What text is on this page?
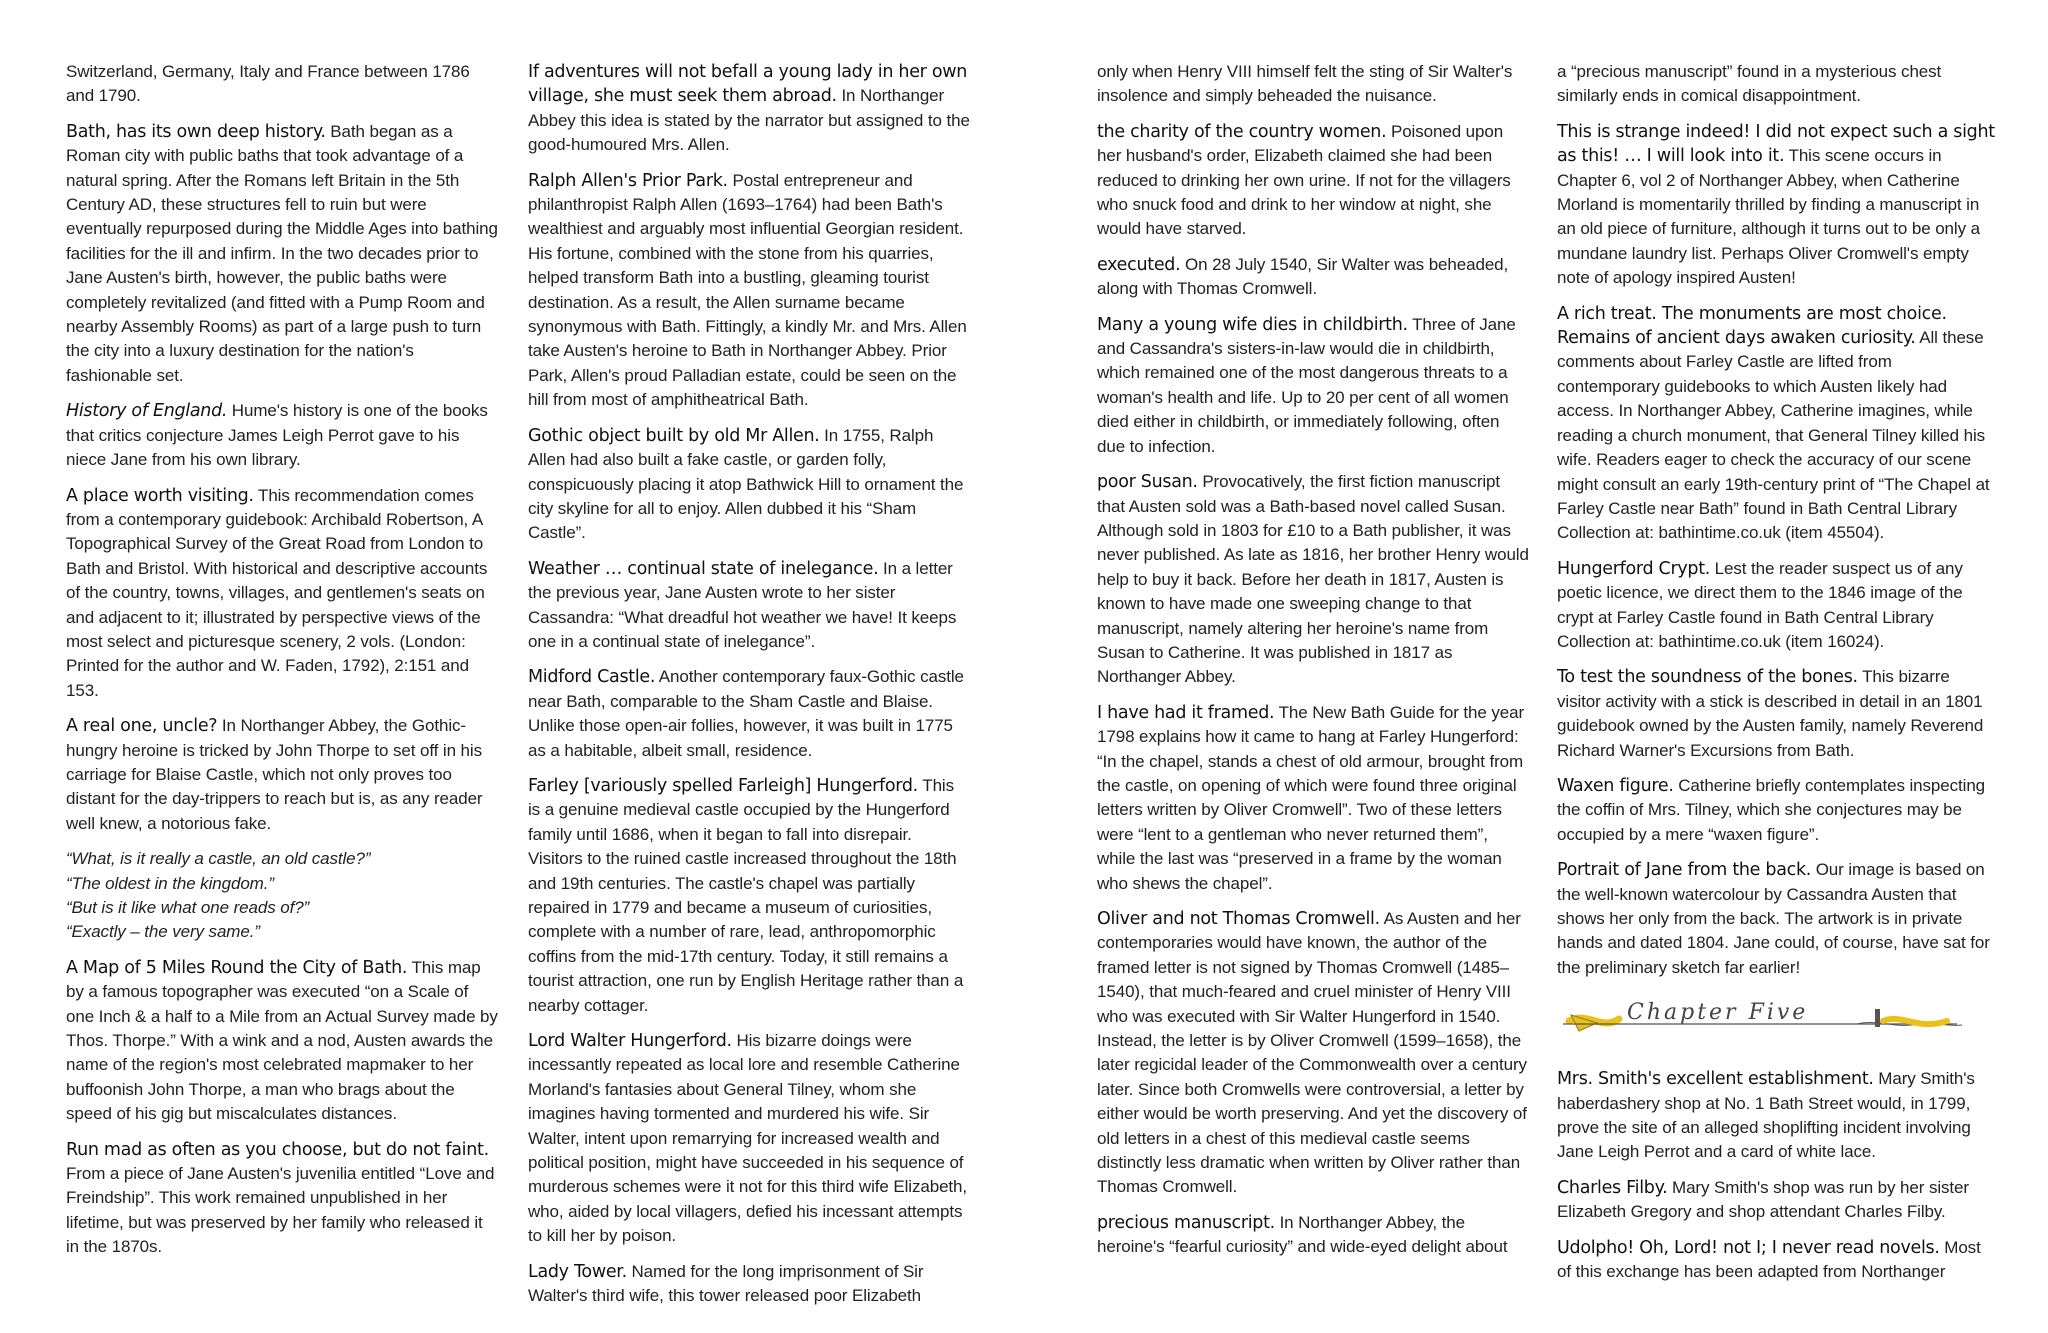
Switzerland, Germany, Italy and France between 1786 and 1790.

Bath, has its own deep history. Bath began as a Roman city with public baths that took advantage of a natural spring. After the Romans left Britain in the 5th Century AD, these structures fell to ruin but were eventually repurposed during the Middle Ages into bathing facilities for the ill and infirm. In the two decades prior to Jane Austen's birth, however, the public baths were completely revitalized (and fitted with a Pump Room and nearby Assembly Rooms) as part of a large push to turn the city into a luxury destination for the nation's fashionable set.

History of England. Hume's history is one of the books that critics conjecture James Leigh Perrot gave to his niece Jane from his own library.

A place worth visiting. This recommendation comes from a contemporary guidebook: Archibald Robertson, A Topographical Survey of the Great Road from London to Bath and Bristol. With historical and descriptive accounts of the country, towns, villages, and gentlemen's seats on and adjacent to it; illustrated by perspective views of the most select and picturesque scenery, 2 vols. (London: Printed for the author and W. Faden, 1792), 2:151 and 153.

A real one, uncle? In Northanger Abbey, the Gothic-hungry heroine is tricked by John Thorpe to set off in his carriage for Blaise Castle, which not only proves too distant for the day-trippers to reach but is, as any reader well knew, a notorious fake.

“What, is it really a castle, an old castle?”
“The oldest in the kingdom.”
“But is it like what one reads of?”
“Exactly – the very same.”

A Map of 5 Miles Round the City of Bath. This map by a famous topographer was executed “on a Scale of one Inch & a half to a Mile from an Actual Survey made by Thos. Thorpe.” With a wink and a nod, Austen awards the name of the region's most celebrated mapmaker to her buffoonish John Thorpe, a man who brags about the speed of his gig but miscalculates distances.

Run mad as often as you choose, but do not faint. From a piece of Jane Austen's juvenilia entitled “Love and Freindship”. This work remained unpublished in her lifetime, but was preserved by her family who released it in the 1870s.

If adventures will not befall a young lady in her own village, she must seek them abroad. In Northanger Abbey this idea is stated by the narrator but assigned to the good-humoured Mrs. Allen.

Ralph Allen's Prior Park. Postal entrepreneur and philanthropist Ralph Allen (1693–1764) had been Bath's wealthiest and arguably most influential Georgian resident. His fortune, combined with the stone from his quarries, helped transform Bath into a bustling, gleaming tourist destination. As a result, the Allen surname became synonymous with Bath. Fittingly, a kindly Mr. and Mrs. Allen take Austen's heroine to Bath in Northanger Abbey. Prior Park, Allen's proud Palladian estate, could be seen on the hill from most of amphitheatrical Bath.

Gothic object built by old Mr Allen. In 1755, Ralph Allen had also built a fake castle, or garden folly, conspicuously placing it atop Bathwick Hill to ornament the city skyline for all to enjoy. Allen dubbed it his “Sham Castle”.

Weather … continual state of inelegance. In a letter the previous year, Jane Austen wrote to her sister Cassandra: “What dreadful hot weather we have! It keeps one in a continual state of inelegance”.

Midford Castle. Another contemporary faux-Gothic castle near Bath, comparable to the Sham Castle and Blaise. Unlike those open-air follies, however, it was built in 1775 as a habitable, albeit small, residence.

Farley [variously spelled Farleigh] Hungerford. This is a genuine medieval castle occupied by the Hungerford family until 1686, when it began to fall into disrepair. Visitors to the ruined castle increased throughout the 18th and 19th centuries. The castle's chapel was partially repaired in 1779 and became a museum of curiosities, complete with a number of rare, lead, anthropomorphic coffins from the mid-17th century. Today, it still remains a tourist attraction, one run by English Heritage rather than a nearby cottager.

Lord Walter Hungerford. His bizarre doings were incessantly repeated as local lore and resemble Catherine Morland's fantasies about General Tilney, whom she imagines having tormented and murdered his wife. Sir Walter, intent upon remarrying for increased wealth and political position, might have succeeded in his sequence of murderous schemes were it not for this third wife Elizabeth, who, aided by local villagers, defied his incessant attempts to kill her by poison.

Lady Tower. Named for the long imprisonment of Sir Walter's third wife, this tower released poor Elizabeth

only when Henry VIII himself felt the sting of Sir Walter's insolence and simply beheaded the nuisance.

the charity of the country women. Poisoned upon her husband's order, Elizabeth claimed she had been reduced to drinking her own urine. If not for the villagers who snuck food and drink to her window at night, she would have starved.

executed. On 28 July 1540, Sir Walter was beheaded, along with Thomas Cromwell.

Many a young wife dies in childbirth. Three of Jane and Cassandra's sisters-in-law would die in childbirth, which remained one of the most dangerous threats to a woman's health and life. Up to 20 per cent of all women died either in childbirth, or immediately following, often due to infection.

poor Susan. Provocatively, the first fiction manuscript that Austen sold was a Bath-based novel called Susan. Although sold in 1803 for £10 to a Bath publisher, it was never published. As late as 1816, her brother Henry would help to buy it back. Before her death in 1817, Austen is known to have made one sweeping change to that manuscript, namely altering her heroine's name from Susan to Catherine. It was published in 1817 as Northanger Abbey.

I have had it framed. The New Bath Guide for the year 1798 explains how it came to hang at Farley Hungerford: “In the chapel, stands a chest of old armour, brought from the castle, on opening of which were found three original letters written by Oliver Cromwell”. Two of these letters were “lent to a gentleman who never returned them”, while the last was “preserved in a frame by the woman who shews the chapel”.

Oliver and not Thomas Cromwell. As Austen and her contemporaries would have known, the author of the framed letter is not signed by Thomas Cromwell (1485–1540), that much-feared and cruel minister of Henry VIII who was executed with Sir Walter Hungerford in 1540. Instead, the letter is by Oliver Cromwell (1599–1658), the later regicidal leader of the Commonwealth over a century later. Since both Cromwells were controversial, a letter by either would be worth preserving. And yet the discovery of old letters in a chest of this medieval castle seems distinctly less dramatic when written by Oliver rather than Thomas Cromwell.

precious manuscript. In Northanger Abbey, the heroine's “fearful curiosity” and wide-eyed delight about

a “precious manuscript” found in a mysterious chest similarly ends in comical disappointment.

This is strange indeed! I did not expect such a sight as this! … I will look into it. This scene occurs in Chapter 6, vol 2 of Northanger Abbey, when Catherine Morland is momentarily thrilled by finding a manuscript in an old piece of furniture, although it turns out to be only a mundane laundry list. Perhaps Oliver Cromwell's empty note of apology inspired Austen!

A rich treat. The monuments are most choice. Remains of ancient days awaken curiosity. All these comments about Farley Castle are lifted from contemporary guidebooks to which Austen likely had access. In Northanger Abbey, Catherine imagines, while reading a church monument, that General Tilney killed his wife. Readers eager to check the accuracy of our scene might consult an early 19th-century print of “The Chapel at Farley Castle near Bath” found in Bath Central Library Collection at: bathintime.co.uk (item 45504).

Hungerford Crypt. Lest the reader suspect us of any poetic licence, we direct them to the 1846 image of the crypt at Farley Castle found in Bath Central Library Collection at: bathintime.co.uk (item 16024).

To test the soundness of the bones. This bizarre visitor activity with a stick is described in detail in an 1801 guidebook owned by the Austen family, namely Reverend Richard Warner's Excursions from Bath.

Waxen figure. Catherine briefly contemplates inspecting the coffin of Mrs. Tilney, which she conjectures may be occupied by a mere “waxen figure”.

Portrait of Jane from the back. Our image is based on the well-known watercolour by Cassandra Austen that shows her only from the back. The artwork is in private hands and dated 1804. Jane could, of course, have sat for the preliminary sketch far earlier!

Chapter Five

Mrs. Smith's excellent establishment. Mary Smith's haberdashery shop at No. 1 Bath Street would, in 1799, prove the site of an alleged shoplifting incident involving Jane Leigh Perrot and a card of white lace.

Charles Filby. Mary Smith's shop was run by her sister Elizabeth Gregory and shop attendant Charles Filby.

Udolpho! Oh, Lord! not I; I never read novels. Most of this exchange has been adapted from Northanger
